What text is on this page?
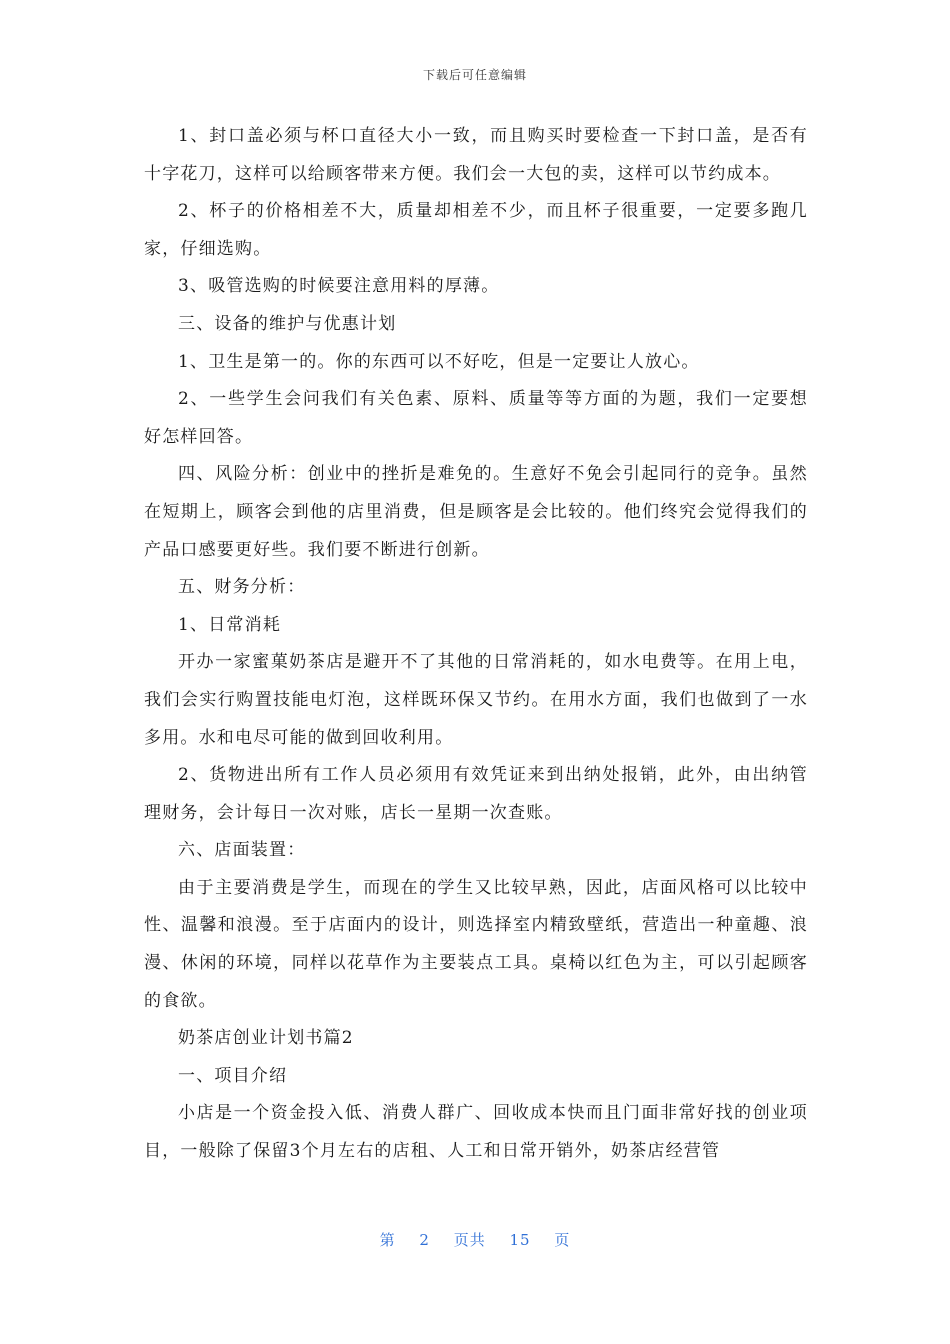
下载后可任意编辑

1、封口盖必须与杯口直径大小一致，而且购买时要检查一下封口盖，是否有十字花刀，这样可以给顾客带来方便。我们会一大包的卖，这样可以节约成本。

2、杯子的价格相差不大，质量却相差不少，而且杯子很重要，一定要多跑几家，仔细选购。

3、吸管选购的时候要注意用料的厚薄。

三、设备的维护与优惠计划

1、卫生是第一的。你的东西可以不好吃，但是一定要让人放心。

2、一些学生会问我们有关色素、原料、质量等等方面的为题，我们一定要想好怎样回答。

四、风险分析：创业中的挫折是难免的。生意好不免会引起同行的竞争。虽然在短期上，顾客会到他的店里消费，但是顾客是会比较的。他们终究会觉得我们的产品口感要更好些。我们要不断进行创新。

五、财务分析：

1、日常消耗

开办一家蜜菓奶茶店是避开不了其他的日常消耗的，如水电费等。在用上电，我们会实行购置技能电灯泡，这样既环保又节约。在用水方面，我们也做到了一水多用。水和电尽可能的做到回收利用。

2、货物进出所有工作人员必须用有效凭证来到出纳处报销，此外，由出纳管理财务，会计每日一次对账，店长一星期一次查账。

六、店面装置：

由于主要消费是学生，而现在的学生又比较早熟，因此，店面风格可以比较中性、温馨和浪漫。至于店面内的设计，则选择室内精致壁纸，营造出一种童趣、浪漫、休闲的环境，同样以花草作为主要装点工具。桌椅以红色为主，可以引起顾客的食欲。

奶茶店创业计划书篇2

一、项目介绍

小店是一个资金投入低、消费人群广、回收成本快而且门面非常好找的创业项目，一般除了保留3个月左右的店租、人工和日常开销外，奶茶店经营管

第 2 页共 15 页
